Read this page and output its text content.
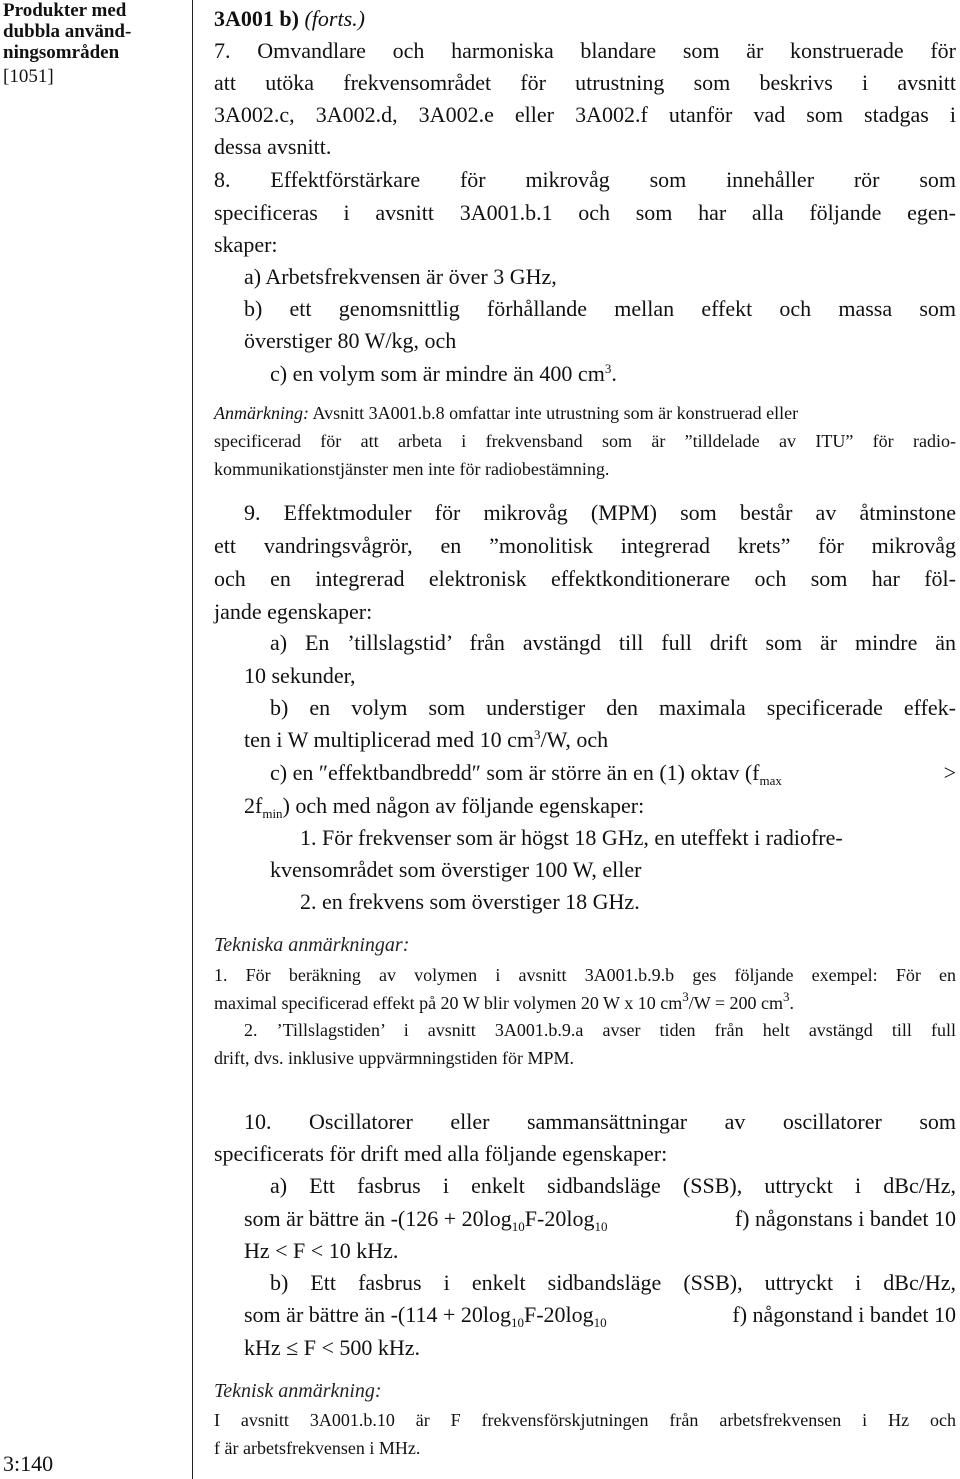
Produkter med
dubbla använd-
ningsområden
[1051]
3:140
3A001 b) (forts.)
7. Omvandlare och harmoniska blandare som är konstruerade för
att utöka frekvensområdet för utrustning som beskrivs i avsnitt
3A002.c, 3A002.d, 3A002.e eller 3A002.f utanför vad som stadgas i
dessa avsnitt.
8. Effektförstärkare för mikrovåg som innehåller rör som
specificeras i avsnitt 3A001.b.1 och som har alla följande egen-
skaper:
a) Arbetsfrekvensen är över 3 GHz,
b) ett genomsnittlig förhållande mellan effekt och massa som
överstiger 80 W/kg, och
c) en volym som är mindre än 400 $cm^3$.
Anmärkning: Avsnitt 3A001.b.8 omfattar inte utrustning som är konstruerad eller
specificerad för att arbeta i frekvensband som är ”tilldelade av ITU” för radio-
kommunikationstjänster men inte för radiobestämning.
9. Effektmoduler för mikrovåg (MPM) som består av åtminstone
ett vandringsvågrör, en ”monolitisk integrerad krets” för mikrovåg
och en integrerad elektronisk effektkonditionerare och som har föl-
jande egenskaper:
a) En ’tillslagstid’ från avstängd till full drift som är mindre än
10 sekunder,
b) en volym som understiger den maximala specificerade effek-
ten i W multiplicerad med 10 $cm^3/W$, och
c) en ″effektbandbredd″ som är större än en (1) oktav ($f_{max}$	>
$2f_{min}$) och med någon av följande egenskaper:
1. För frekvenser som är högst 18 GHz, en uteffekt i radiofre-
kvensområdet som överstiger 100 W, eller
2. en frekvens som överstiger 18 GHz.
Tekniska anmärkningar:
1. För beräkning av volymen i avsnitt 3A001.b.9.b ges följande exempel: För en
maximal specificerad effekt på 20 W blir volymen 20 W x 10 $cm^3/W = 200$ $cm^3$.
2. ’Tillslagstiden’ i avsnitt 3A001.b.9.a avser tiden från helt avstängd till full
drift, dvs. inklusive uppvärmningstiden för MPM.
10. Oscillatorer eller sammansättningar av oscillatorer som
specificerats för drift med alla följande egenskaper:
a) Ett fasbrus i enkelt sidbandsläge (SSB), uttryckt i dBc/Hz,
som är bättre än $-(126 + 20\log_{10}F-20\log_{10}$	f) någonstans i bandet 10
Hz < F < 10 kHz.
b) Ett fasbrus i enkelt sidbandsläge (SSB), uttryckt i dBc/Hz,
som är bättre än $-(114 + 20\log_{10}F-20\log_{10}$	f) någonstand i bandet 10
kHz ≤ F < 500 kHz.
Teknisk anmärkning:
I avsnitt 3A001.b.10 är F frekvensförskjutningen från arbetsfrekvensen i Hz och
f är arbetsfrekvensen i MHz.
